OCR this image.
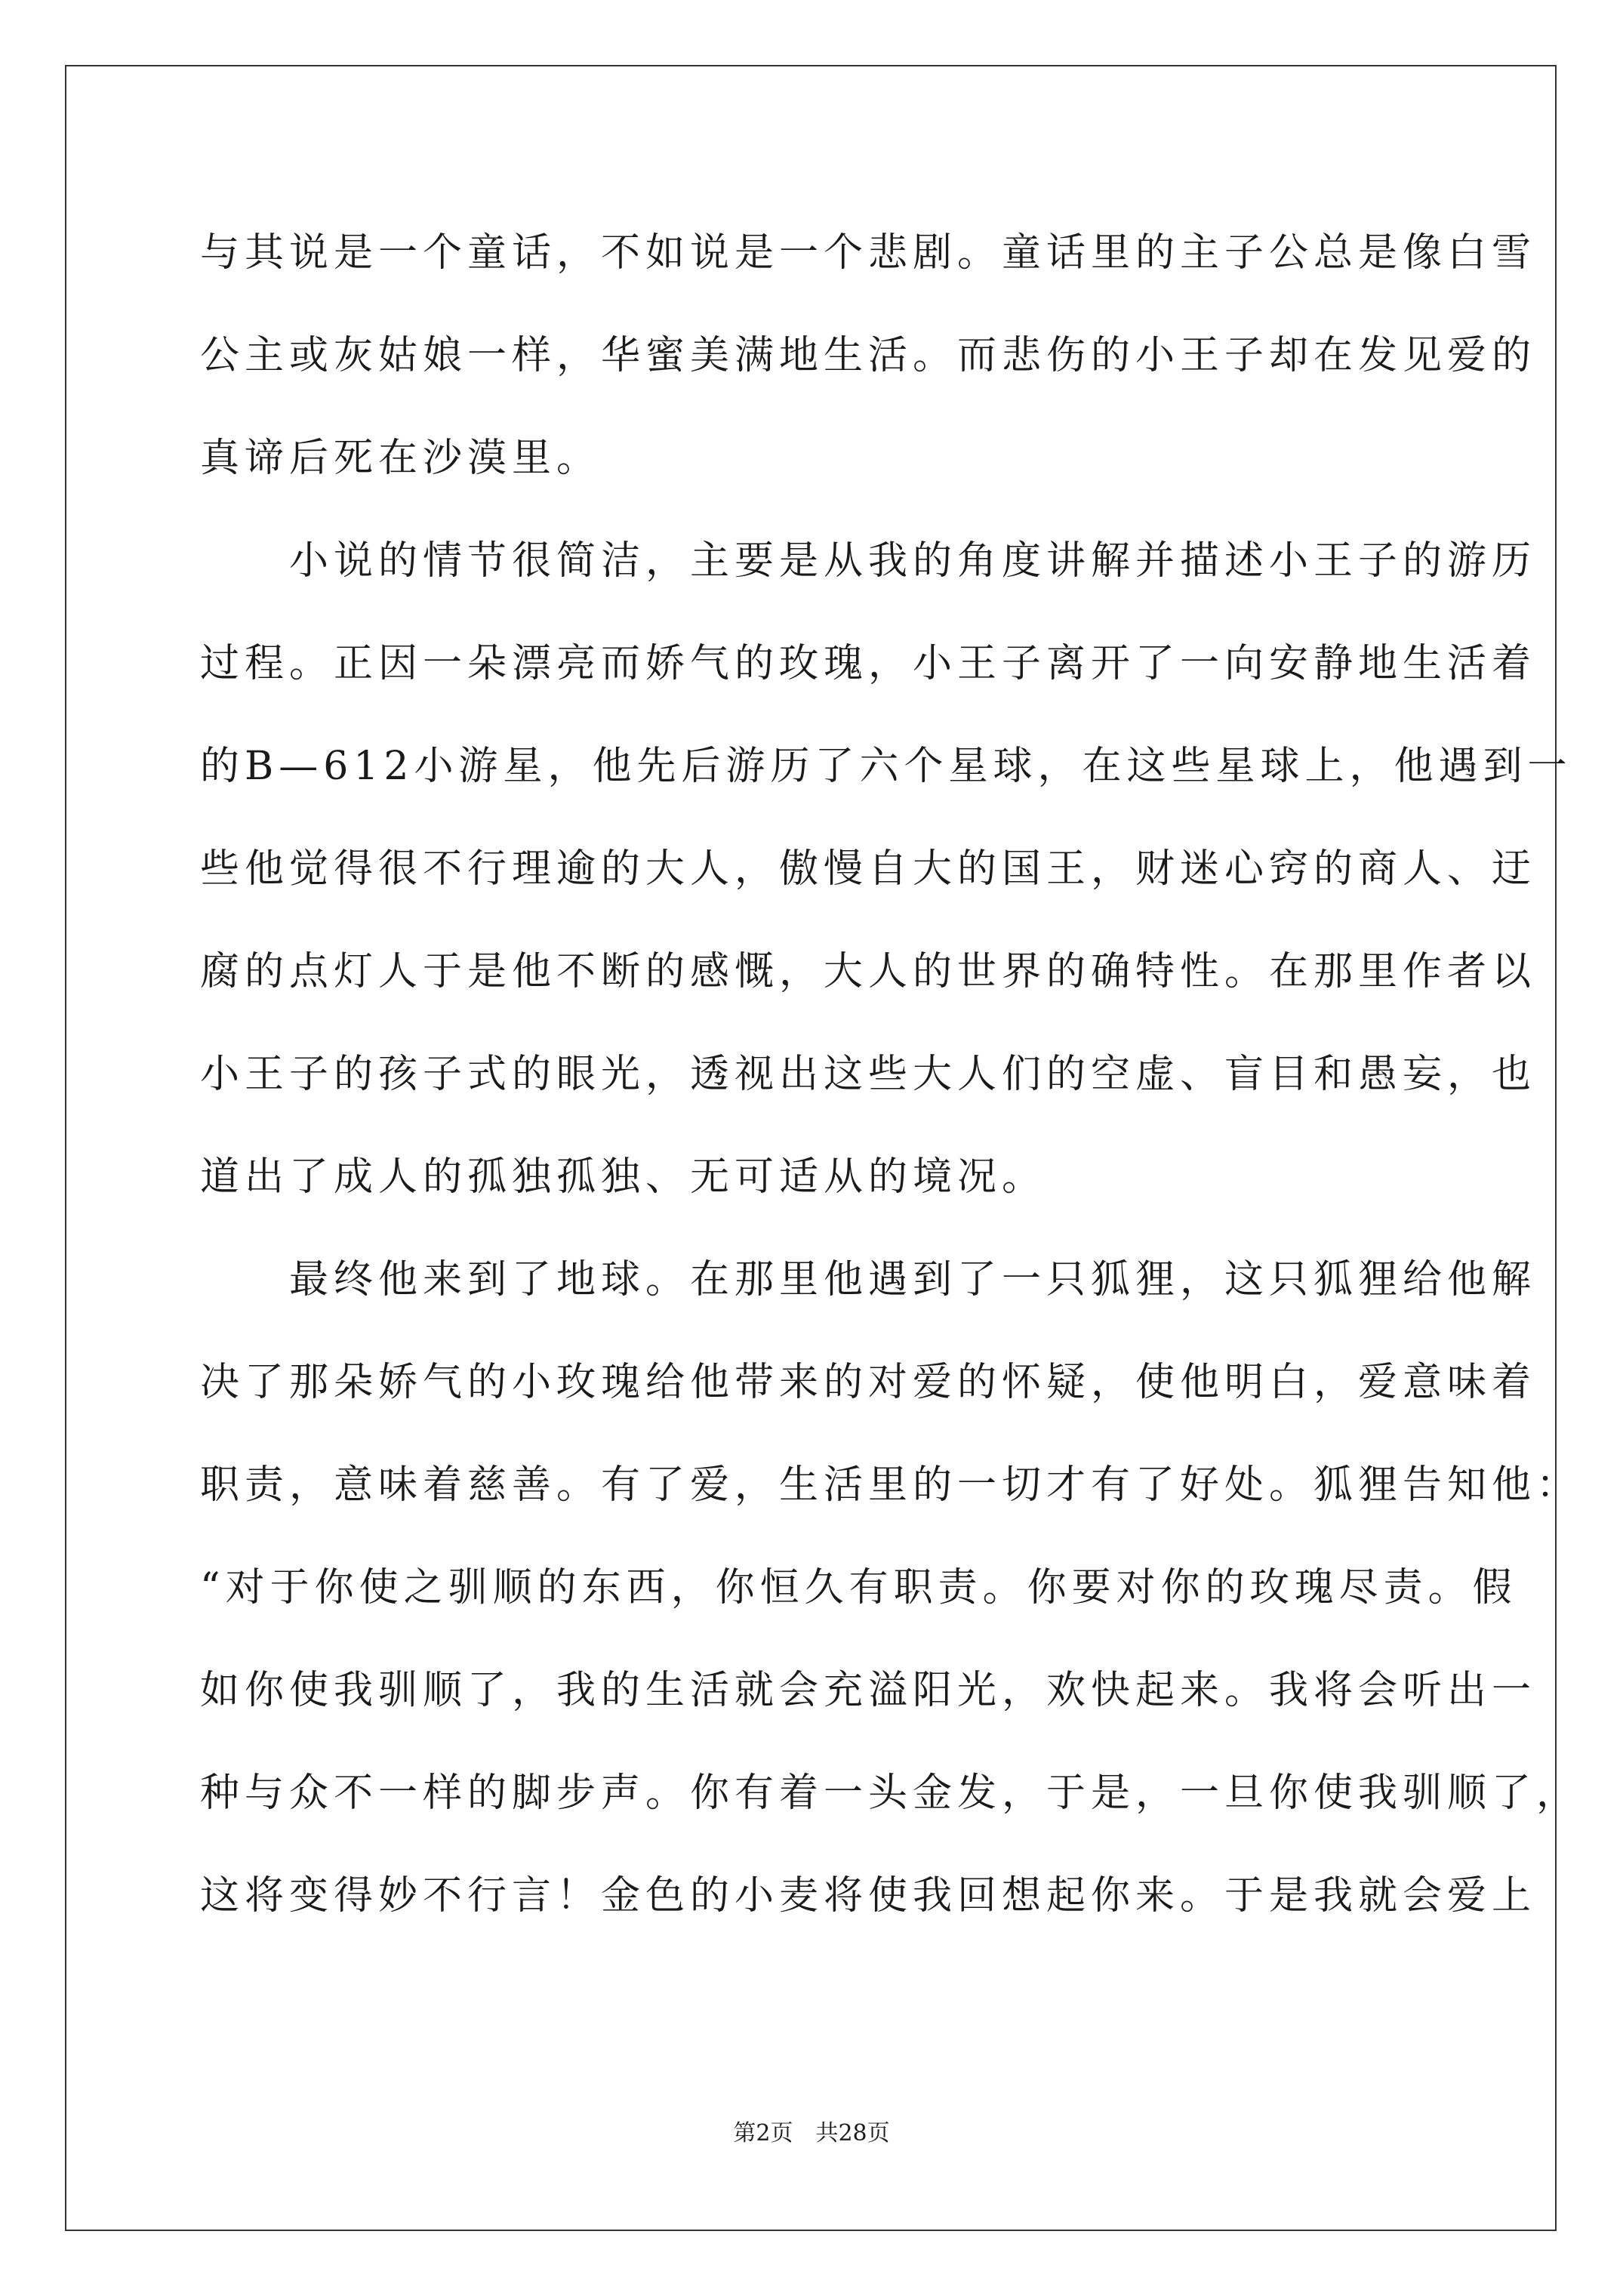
与其说是一个童话，不如说是一个悲剧。童话里的主子公总是像白雪
公主或灰姑娘一样，华蜜美满地生活。而悲伤的小王子却在发见爱的
真谛后死在沙漠里。
　　小说的情节很简洁，主要是从我的角度讲解并描述小王子的游历
过程。正因一朵漂亮而娇气的玫瑰，小王子离开了一向安静地生活着
的B—612小游星，他先后游历了六个星球，在这些星球上，他遇到一
些他觉得很不行理逾的大人，傲慢自大的国王，财迷心窍的商人、迂
腐的点灯人于是他不断的感慨，大人的世界的确特性。在那里作者以
小王子的孩子式的眼光，透视出这些大人们的空虚、盲目和愚妄，也
道出了成人的孤独孤独、无可适从的境况。
　　最终他来到了地球。在那里他遇到了一只狐狸，这只狐狸给他解
决了那朵娇气的小玫瑰给他带来的对爱的怀疑，使他明白，爱意味着
职责，意味着慈善。有了爱，生活里的一切才有了好处。狐狸告知他：
“对于你使之驯顺的东西，你恒久有职责。你要对你的玫瑰尽责。假
如你使我驯顺了，我的生活就会充溢阳光，欢快起来。我将会听出一
种与众不一样的脚步声。你有着一头金发，于是，一旦你使我驯顺了，
这将变得妙不行言！金色的小麦将使我回想起你来。于是我就会爱上
第2页　共28页
